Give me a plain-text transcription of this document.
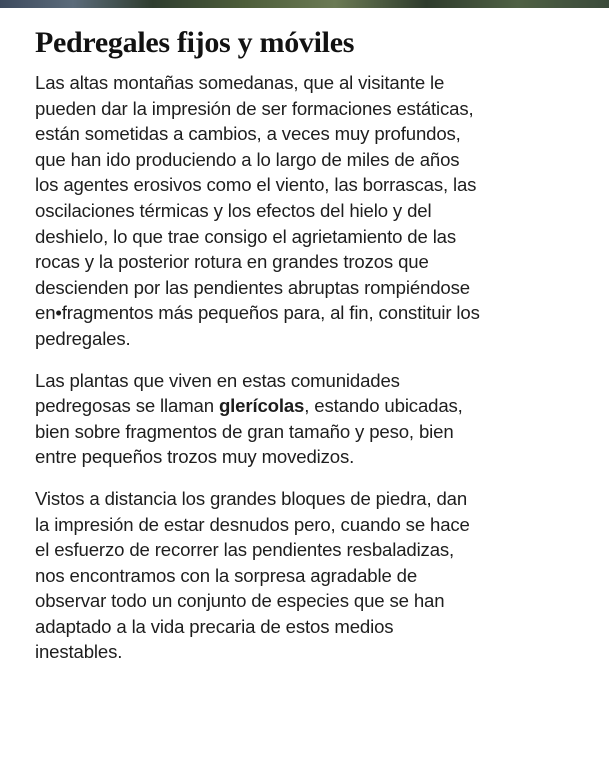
Pedregales fijos y móviles

Las altas montañas somedanas, que al visitante le
pueden dar la impresión de ser formaciones estáticas,
están sometidas a cambios, a veces muy profundos,
que han ido produciendo a lo largo de miles de años
los agentes erosivos como el viento, las borrascas, las
oscilaciones térmicas y los efectos del hielo y del
deshielo, lo que trae consigo el agrietamiento de las
rocas y la posterior rotura en grandes trozos que
descienden por las pendientes abruptas rompiéndose
en•fragmentos más pequeños para, al fin, constituir los
pedregales.

Las plantas que viven en estas comunidades
pedregosas se llaman glerícolas, estando ubicadas,
bien sobre fragmentos de gran tamaño y peso, bien
entre pequeños trozos muy movedizos.

Vistos a distancia los grandes bloques de piedra, dan
la impresión de estar desnudos pero, cuando se hace
el esfuerzo de recorrer las pendientes resbaladizas,
nos encontramos con la sorpresa agradable de
observar todo un conjunto de especies que se han
adaptado a la vida precaria de estos medios
inestables.
